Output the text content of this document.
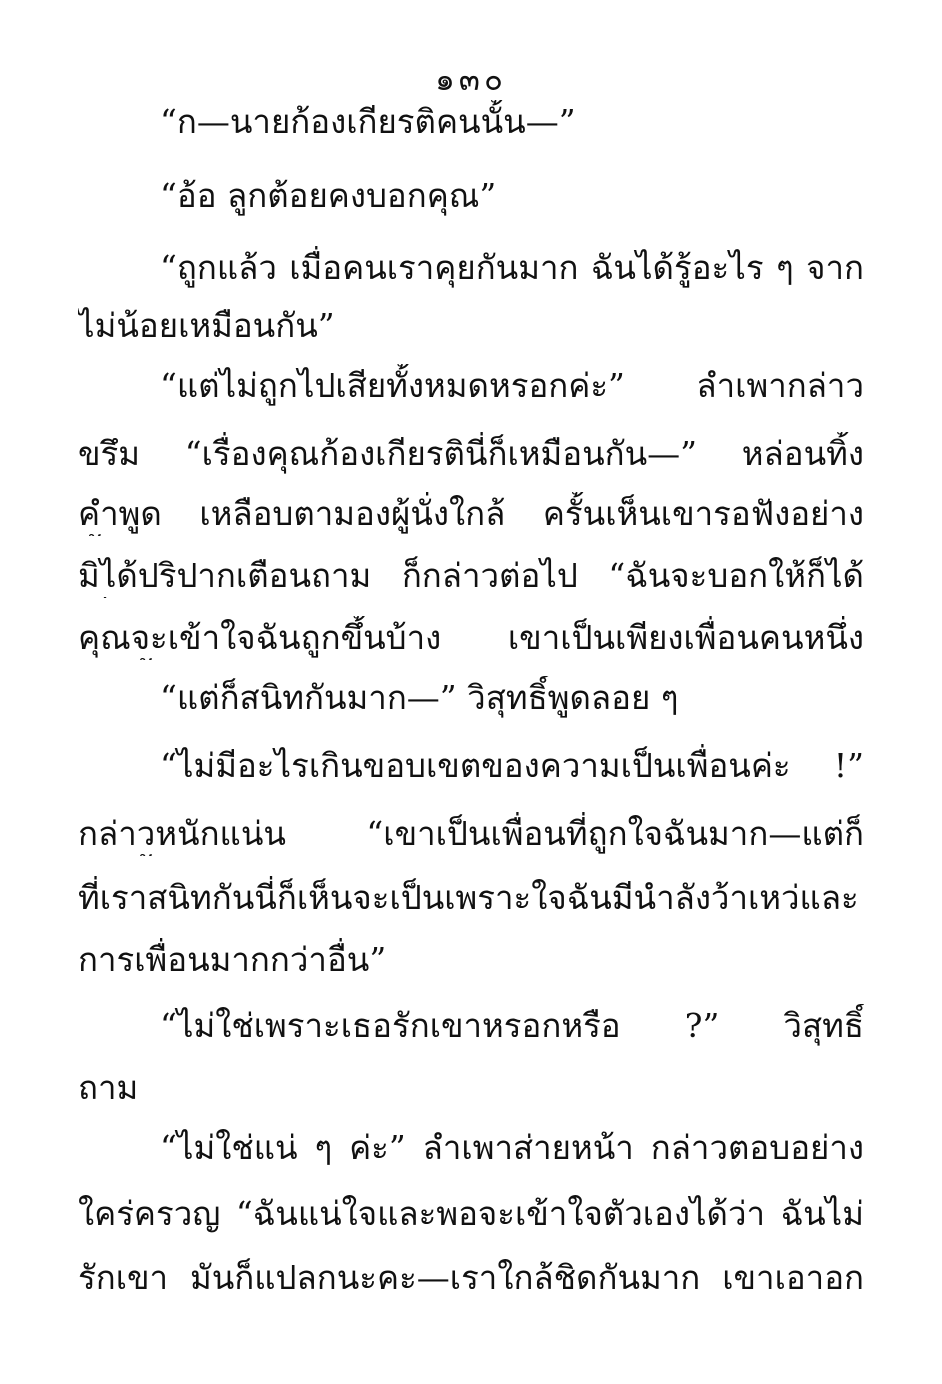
๑๓๐
“ก—นายก้องเกียรติคนนั้น—”
“อ้อ ลูกต้อยคงบอกคุณ”
“ถูกแล้ว เมื่อคนเราคุยกันมาก ฉันได้รู้อะไร ๆ จาก
ไม่น้อยเหมือนกัน”
“แต่ไม่ถูกไปเสียทั้งหมดหรอกค่ะ” ลำเพากล่าว
ขรึม “เรื่องคุณก้องเกียรตินี่ก็เหมือนกัน—” หล่อนทิ้ง
คำพูด เหลือบตามองผู้นั่งใกล้ ครั้นเห็นเขารอฟังอย่าง
มิได้ปริปากเตือนถาม ก็กล่าวต่อไป “ฉันจะบอกให้ก็ได้
คุณจะเข้าใจฉันถูกขึ้นบ้าง เขาเป็นเพียงเพื่อนคนหนึ่ง
“แต่ก็สนิทกันมาก—” วิสุทธิ์พูดลอย ๆ
“ไม่มีอะไรเกินขอบเขตของความเป็นเพื่อนค่ะ !”
กล่าวหนักแน่น “เขาเป็นเพื่อนที่ถูกใจฉันมาก—แต่ก็
ที่เราสนิทกันนี่ก็เห็นจะเป็นเพราะใจฉันมีนำลังว้าเหว่และ
การเพื่อนมากกว่าอื่น”
“ไม่ใช่เพราะเธอรักเขาหรอกหรือ ?” วิสุทธิ์
ถาม
“ไม่ใช่แน่ ๆ ค่ะ” ลำเพาส่ายหน้า กล่าวตอบอย่าง
ใคร่ครวญ “ฉันแน่ใจและพอจะเข้าใจตัวเองได้ว่า ฉันไม่
รักเขา มันก็แปลกนะคะ—เราใกล้ชิดกันมาก เขาเอาอก
